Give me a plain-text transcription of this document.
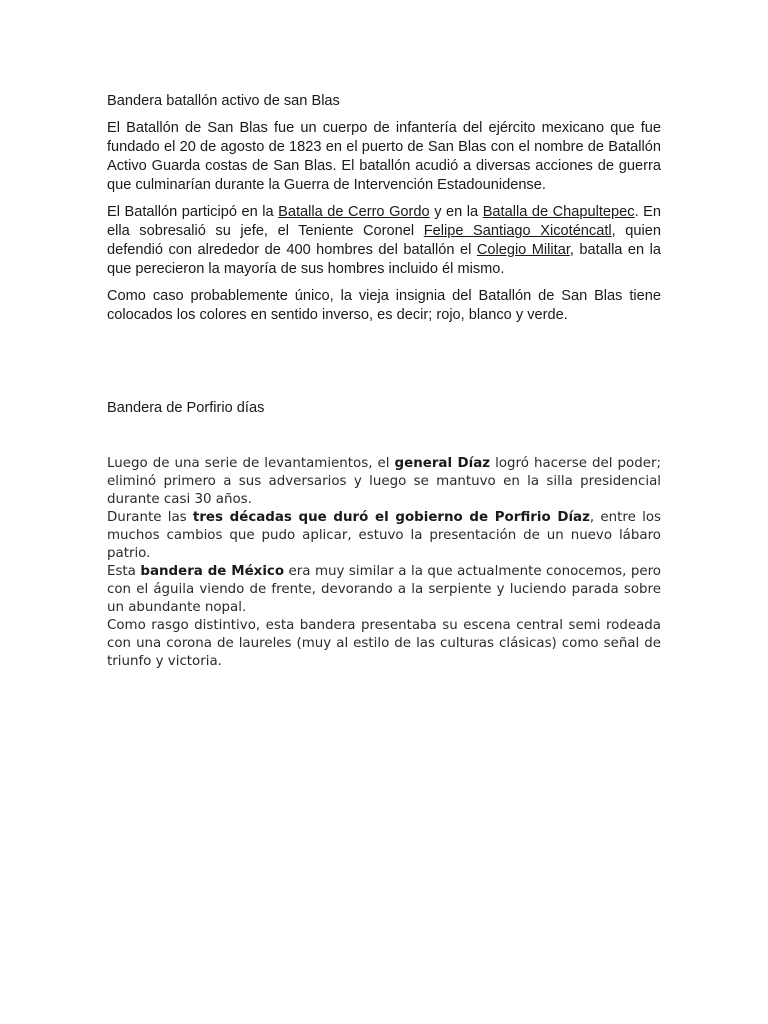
Bandera batallón activo de san Blas

El Batallón de San Blas fue un cuerpo de infantería del ejército mexicano que fue fundado el 20 de agosto de 1823 en el puerto de San Blas con el nombre de Batallón Activo Guarda costas de San Blas. El batallón acudió a diversas acciones de guerra que culminarían durante la Guerra de Intervención Estadounidense.

El Batallón participó en la Batalla de Cerro Gordo y en la Batalla de Chapultepec. En ella sobresalió su jefe, el Teniente Coronel Felipe Santiago Xicoténcatl, quien defendió con alrededor de 400 hombres del batallón el Colegio Militar, batalla en la que perecieron la mayoría de sus hombres incluido él mismo.

Como caso probablemente único, la vieja insignia del Batallón de San Blas tiene colocados los colores en sentido inverso, es decir; rojo, blanco y verde.

Bandera de Porfirio días

Luego de una serie de levantamientos, el general Díaz logró hacerse del poder; eliminó primero a sus adversarios y luego se mantuvo en la silla presidencial durante casi 30 años.

Durante las tres décadas que duró el gobierno de Porfirio Díaz, entre los muchos cambios que pudo aplicar, estuvo la presentación de un nuevo lábaro patrio.

Esta bandera de México era muy similar a la que actualmente conocemos, pero con el águila viendo de frente, devorando a la serpiente y luciendo parada sobre un abundante nopal.

Como rasgo distintivo, esta bandera presentaba su escena central semi rodeada con una corona de laureles (muy al estilo de las culturas clásicas) como señal de triunfo y victoria.
